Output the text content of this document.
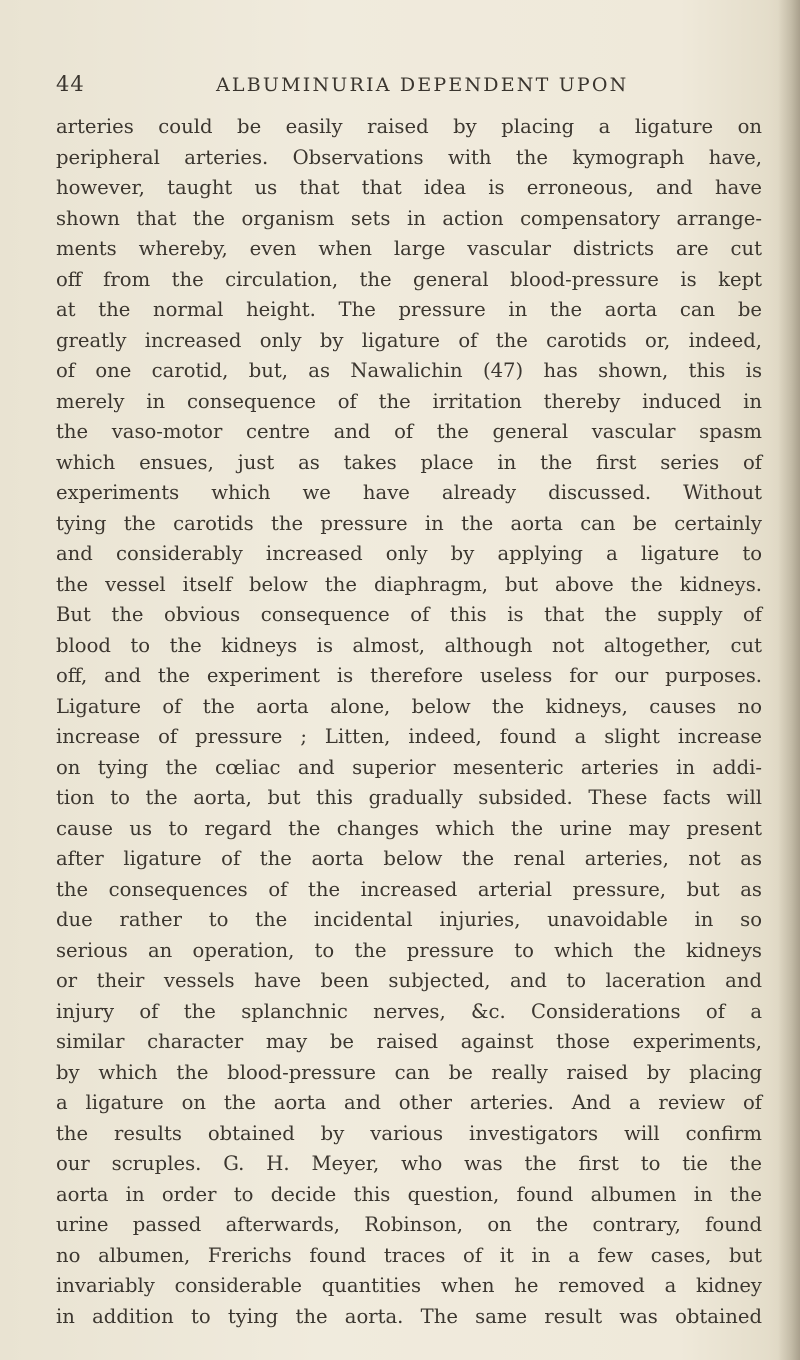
44	ALBUMINURIA DEPENDENT UPON
arteries could be easily raised by placing a ligature on
peripheral arteries. Observations with the kymograph have,
however, taught us that that idea is erroneous, and have
shown that the organism sets in action compensatory arrange-
ments whereby, even when large vascular districts are cut
off from the circulation, the general blood-pressure is kept
at the normal height. The pressure in the aorta can be
greatly increased only by ligature of the carotids or, indeed,
of one carotid, but, as Nawalichin (47) has shown, this is
merely in consequence of the irritation thereby induced in
the vaso-motor centre and of the general vascular spasm
which ensues, just as takes place in the first series of
experiments which we have already discussed. Without
tying the carotids the pressure in the aorta can be certainly
and considerably increased only by applying a ligature to
the vessel itself below the diaphragm, but above the kidneys.
But the obvious consequence of this is that the supply of
blood to the kidneys is almost, although not altogether, cut
off, and the experiment is therefore useless for our purposes.
Ligature of the aorta alone, below the kidneys, causes no
increase of pressure ; Litten, indeed, found a slight increase
on tying the cœliac and superior mesenteric arteries in addi-
tion to the aorta, but this gradually subsided. These facts will
cause us to regard the changes which the urine may present
after ligature of the aorta below the renal arteries, not as
the consequences of the increased arterial pressure, but as
due rather to the incidental injuries, unavoidable in so
serious an operation, to the pressure to which the kidneys
or their vessels have been subjected, and to laceration and
injury of the splanchnic nerves, &c. Considerations of a
similar character may be raised against those experiments,
by which the blood-pressure can be really raised by placing
a ligature on the aorta and other arteries. And a review of
the results obtained by various investigators will confirm
our scruples. G. H. Meyer, who was the first to tie the
aorta in order to decide this question, found albumen in the
urine passed afterwards, Robinson, on the contrary, found
no albumen, Frerichs found traces of it in a few cases, but
invariably considerable quantities when he removed a kidney
in addition to tying the aorta. The same result was obtained
